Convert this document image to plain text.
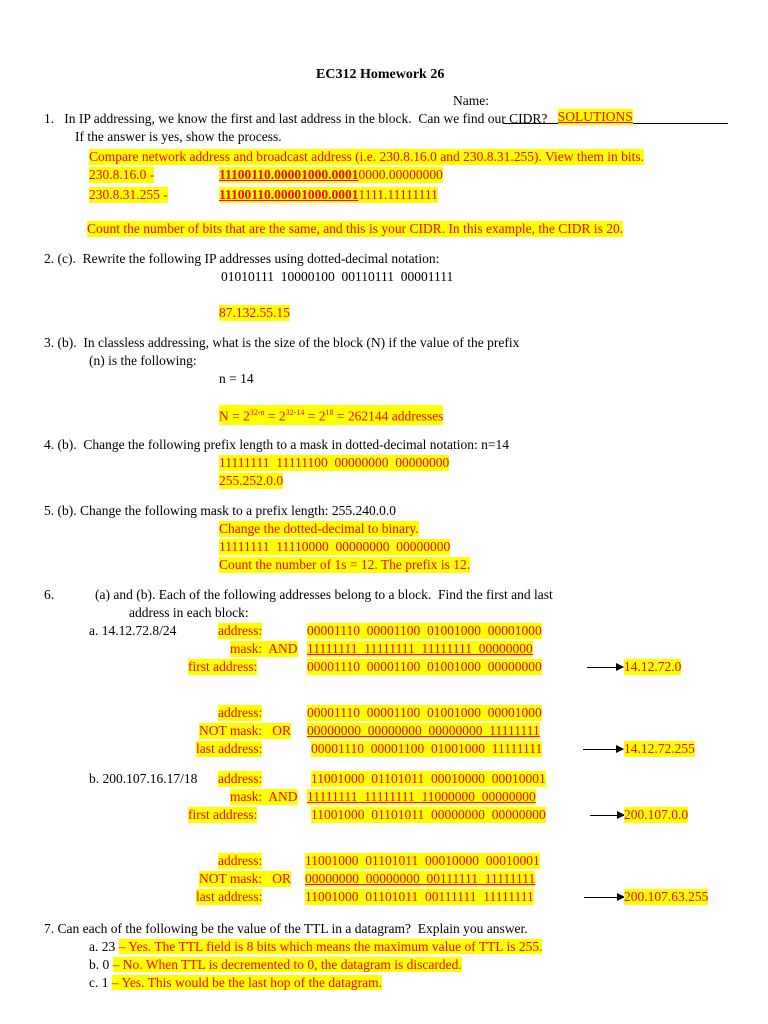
EC312 Homework 26
Name:

SOLUTIONS

1.   In IP addressing, we know the first and last address in the block.  Can we find our CIDR?
If the answer is yes, show the process.
Compare network address and broadcast address (i.e. 230.8.16.0 and 230.8.31.255). View them in bits.
230.8.16.0 -	11100110.00001000.00010000.00000000
230.8.31.255 -	11100110.00001000.00011111.11111111
Count the number of bits that are the same, and this is your CIDR. In this example, the CIDR is 20.
2. (c).  Rewrite the following IP addresses using dotted-decimal notation:
01010111  10000100  00110111  00001111
87.132.55.15
3. (b).  In classless addressing, what is the size of the block (N) if the value of the prefix
(n) is the following:
n = 14
$N = 2^{32-n} = 2^{32-14} = 2^{18} = 262144$ addresses
4. (b).  Change the following prefix length to a mask in dotted-decimal notation: n=14
11111111  11111100  00000000  00000000
255.252.0.0
5. (b). Change the following mask to a prefix length: 255.240.0.0
Change the dotted-decimal to binary.
11111111  11110000  00000000  00000000
Count the number of 1s = 12. The prefix is 12.
6.	(a) and (b). Each of the following addresses belong to a block.  Find the first and last
address in each block:
a. 14.12.72.8/24	address:	00001110  00001100  01001000  00001000
mask:  AND 11111111  11111111  11111111  00000000
first address:	00001110  00001100  01001000  00000000	14.12.72.0
address:	00001110  00001100  01001000  00001000
NOT mask:   OR 00000000  00000000  00000000  11111111
last address:	00001110  00001100  01001000  11111111	14.12.72.255
b. 200.107.16.17/18 address:	11001000  01101011  00010000  00010001
mask:  AND 11111111  11111111  11000000  00000000
first address:	11001000  01101011  00000000  00000000	200.107.0.0
address:	11001000  01101011  00010000  00010001
NOT mask:   OR 00000000  00000000  00111111  11111111
last address:	11001000  01101011  00111111  11111111	200.107.63.255
7. Can each of the following be the value of the TTL in a datagram?  Explain you answer.
a. 23 – Yes. The TTL field is 8 bits which means the maximum value of TTL is 255.
b. 0 – No. When TTL is decremented to 0, the datagram is discarded.
c. 1 – Yes. This would be the last hop of the datagram.
